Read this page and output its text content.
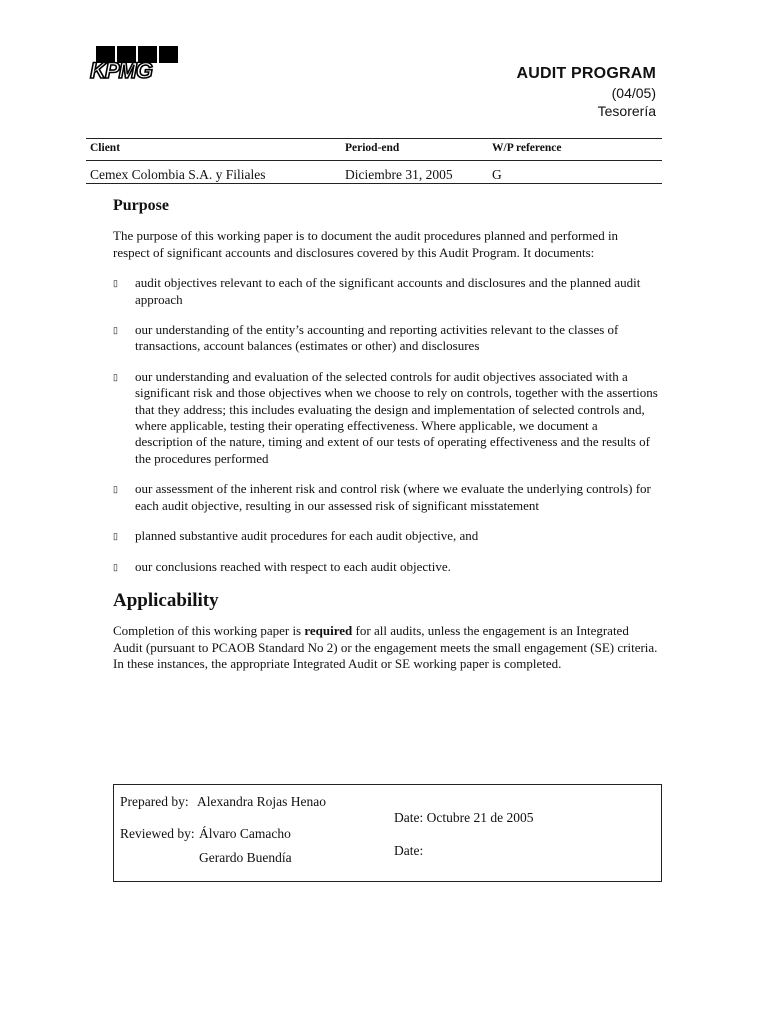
KPMG	AUDIT PROGRAM
(04/05)
Tesorería
Client	Period-end	W/P reference
Cemex Colombia S.A. y Filiales	Diciembre 31, 2005	G
Purpose

The purpose of this working paper is to document the audit procedures planned and performed in respect of significant accounts and disclosures covered by this Audit Program. It documents:

▯	audit objectives relevant to each of the significant accounts and disclosures and the planned audit approach
▯	our understanding of the entity’s accounting and reporting activities relevant to the classes of transactions, account balances (estimates or other) and disclosures
▯	our understanding and evaluation of the selected controls for audit objectives associated with a significant risk and those objectives when we choose to rely on controls, together with the assertions that they address; this includes evaluating the design and implementation of selected controls and, where applicable, testing their operating effectiveness. Where applicable, we document a description of the nature, timing and extent of our tests of operating effectiveness and the results of the procedures performed
▯	our assessment of the inherent risk and control risk (where we evaluate the underlying controls) for each audit objective, resulting in our assessed risk of significant misstatement
▯	planned substantive audit procedures for each audit objective, and
▯	our conclusions reached with respect to each audit objective.
Applicability

Completion of this working paper is required for all audits, unless the engagement is an Integrated Audit (pursuant to PCAOB Standard No 2) or the engagement meets the small engagement (SE) criteria. In these instances, the appropriate Integrated Audit or SE working paper is completed.

Prepared by: Alexandra Rojas Henao
Date: Octubre 21 de 2005
Reviewed by: Álvaro Camacho
Date:
Gerardo Buendía
